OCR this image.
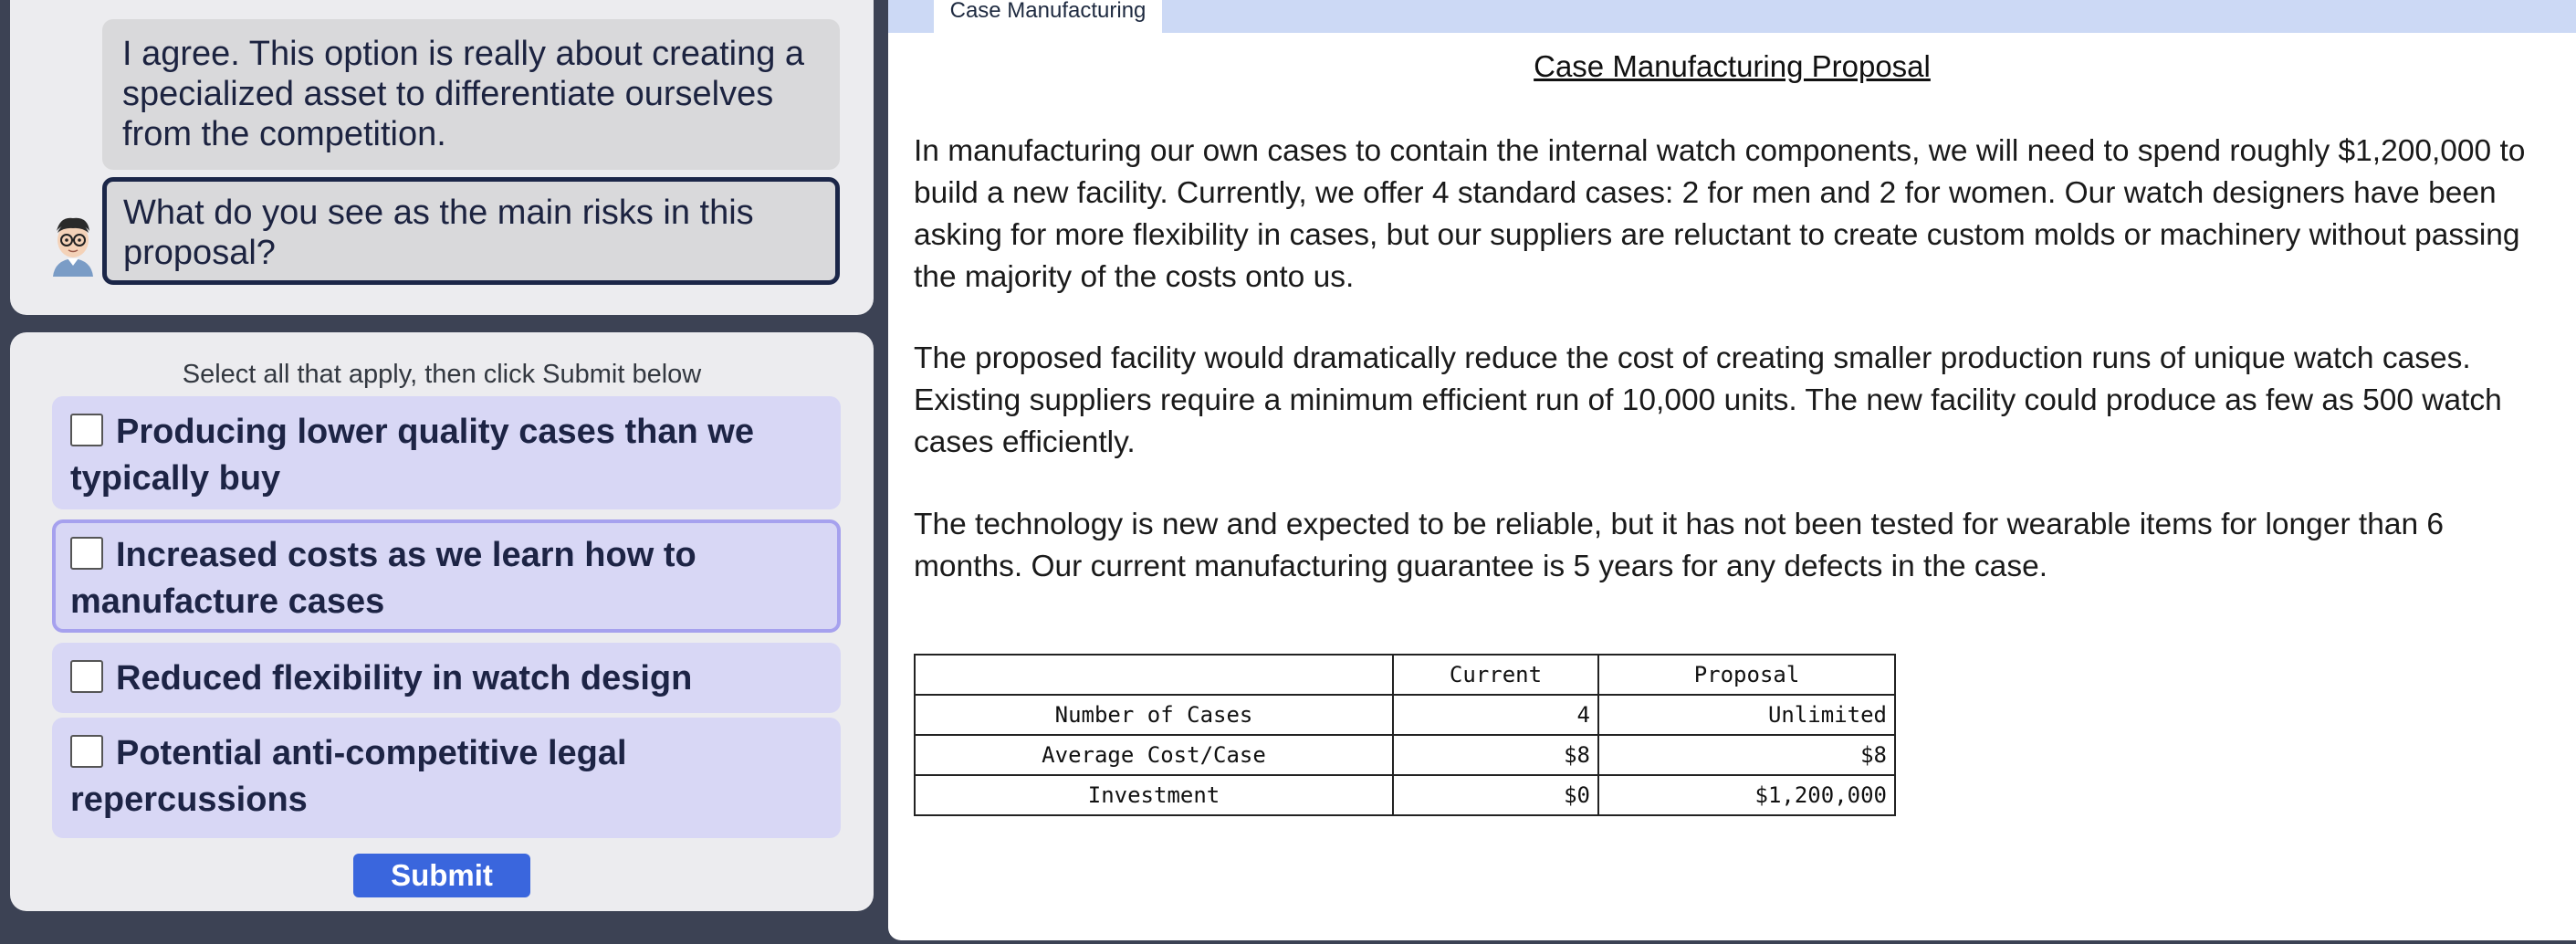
I agree. This option is really about creating a specialized asset to differentiate ourselves from the competition.
What do you see as the main risks in this proposal?
Select all that apply, then click Submit below
Producing lower quality cases than we typically buy
Increased costs as we learn how to manufacture cases
Reduced flexibility in watch design
Potential anti-competitive legal repercussions
Submit
Case Manufacturing
Case Manufacturing Proposal

In manufacturing our own cases to contain the internal watch components, we will need to spend roughly $1,200,000 to build a new facility. Currently, we offer 4 standard cases: 2 for men and 2 for women. Our watch designers have been asking for more flexibility in cases, but our suppliers are reluctant to create custom molds or machinery without passing the majority of the costs onto us.

The proposed facility would dramatically reduce the cost of creating smaller production runs of unique watch cases. Existing suppliers require a minimum efficient run of 10,000 units. The new facility could produce as few as 500 watch cases efficiently.

The technology is new and expected to be reliable, but it has not been tested for wearable items for longer than 6 months. Our current manufacturing guarantee is 5 years for any defects in the case.

	Current	Proposal
Number of Cases	4	Unlimited
Average Cost/Case	$8	$8
Investment	$0	$1,200,000
